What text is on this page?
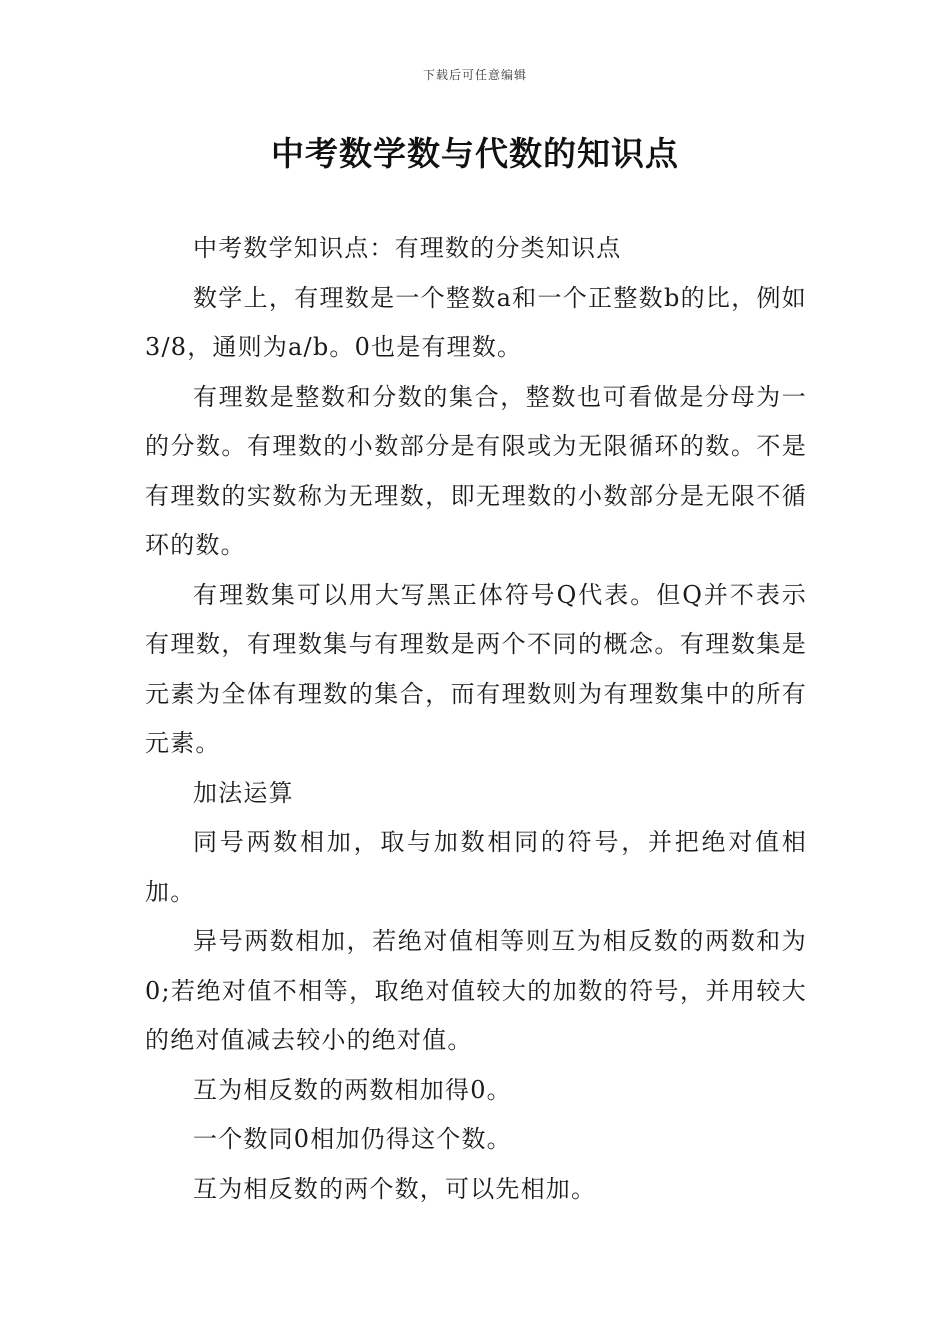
下载后可任意编辑
中考数学数与代数的知识点

中考数学知识点：有理数的分类知识点

数学上，有理数是一个整数a和一个正整数b的比，例如3/8，通则为a/b。0也是有理数。

有理数是整数和分数的集合，整数也可看做是分母为一的分数。有理数的小数部分是有限或为无限循环的数。不是有理数的实数称为无理数，即无理数的小数部分是无限不循环的数。

有理数集可以用大写黑正体符号Q代表。但Q并不表示有理数，有理数集与有理数是两个不同的概念。有理数集是元素为全体有理数的集合，而有理数则为有理数集中的所有元素。

加法运算

同号两数相加，取与加数相同的符号，并把绝对值相加。

异号两数相加，若绝对值相等则互为相反数的两数和为0;若绝对值不相等，取绝对值较大的加数的符号，并用较大的绝对值减去较小的绝对值。

互为相反数的两数相加得0。

一个数同0相加仍得这个数。

互为相反数的两个数，可以先相加。
